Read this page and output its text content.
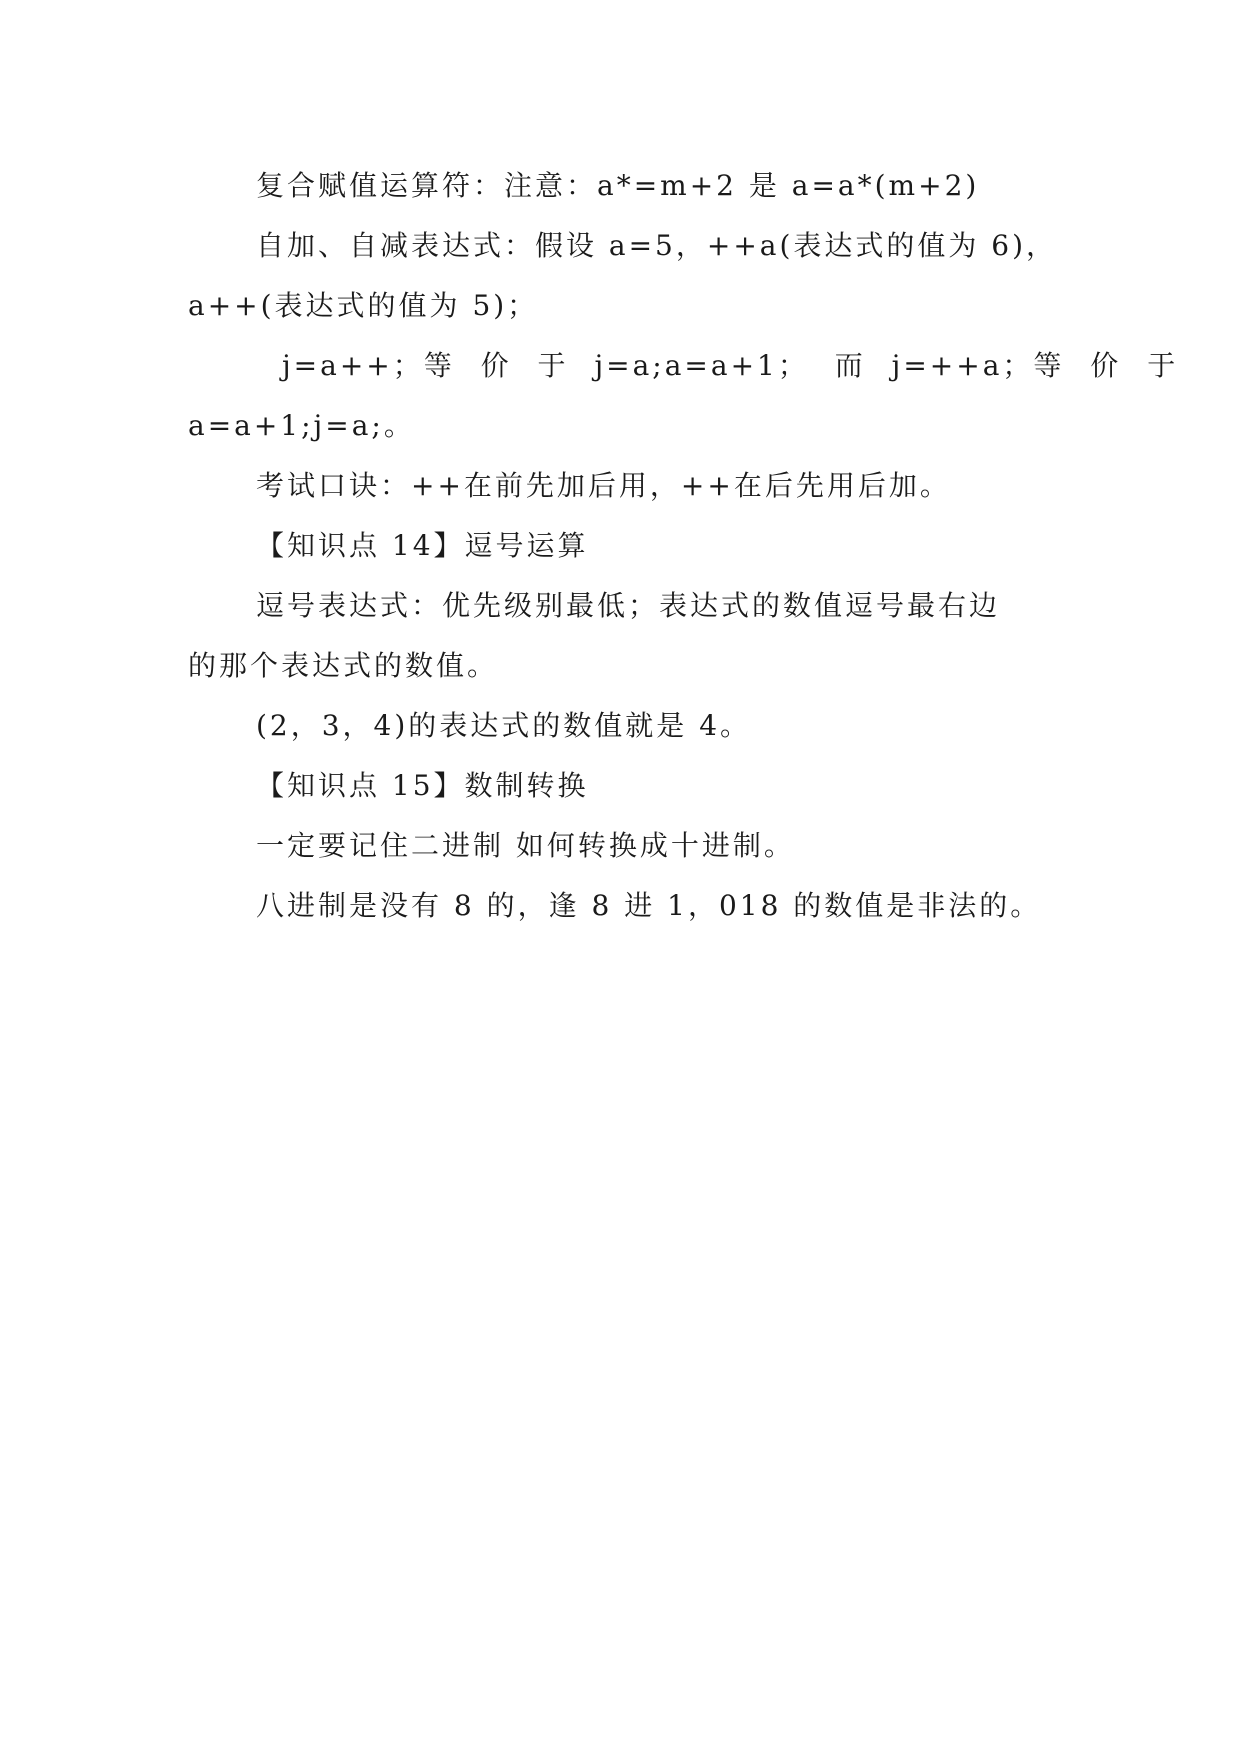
复合赋值运算符：注意：a*=m+2 是 a=a*(m+2)
自加、自减表达式：假设 a=5，++a(表达式的值为 6)，
a++(表达式的值为 5)；
j=a++；等 价 于 j=a;a=a+1； 而 j=++a；等 价 于
a=a+1;j=a;。
考试口诀：++在前先加后用，++在后先用后加。
【知识点 14】逗号运算
逗号表达式：优先级别最低；表达式的数值逗号最右边
的那个表达式的数值。
(2，3，4)的表达式的数值就是 4。
【知识点 15】数制转换
一定要记住二进制 如何转换成十进制。
八进制是没有 8 的，逢 8 进 1，018 的数值是非法的。
